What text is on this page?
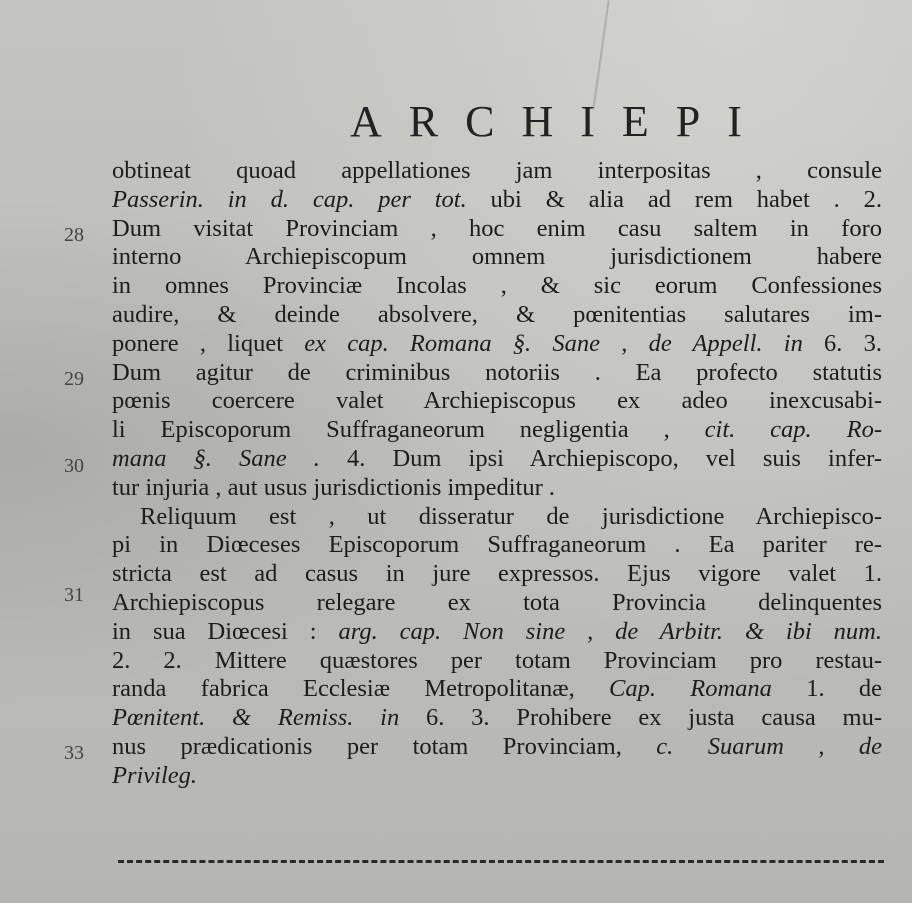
ARCHIEPI
28
29
30
31
33
obtineat quoad appellationes jam interpositas , consule
Passerin. in d. cap. per tot. ubi & alia ad rem habet . 2.
Dum visitat Provinciam , hoc enim casu saltem in foro
interno Archiepiscopum omnem jurisdictionem habere
in omnes Provinciæ Incolas , & sic eorum Confessiones
audire, & deinde absolvere, & pœnitentias salutares im-
ponere , liquet ex cap. Romana §. Sane , de Appell. in 6. 3.
Dum agitur de criminibus notoriis . Ea profecto statutis
pœnis coercere valet Archiepiscopus ex adeo inexcusabi-
li Episcoporum Suffraganeorum negligentia , cit. cap. Ro-
mana §. Sane . 4. Dum ipsi Archiepiscopo, vel suis infer-
tur injuria , aut usus jurisdictionis impeditur .
Reliquum est , ut disseratur de jurisdictione Archiepisco-
pi in Diœceses Episcoporum Suffraganeorum . Ea pariter re-
stricta est ad casus in jure expressos. Ejus vigore valet 1.
Archiepiscopus relegare ex tota Provincia delinquentes
in sua Diœcesi : arg. cap. Non sine , de Arbitr. & ibi num.
2. 2. Mittere quæstores per totam Provinciam pro restau-
randa fabrica Ecclesiæ Metropolitanæ, Cap. Romana 1. de
Pœnitent. & Remiss. in 6. 3. Prohibere ex justa causa mu-
nus prædicationis per totam Provinciam, c. Suarum , de
Privileg.
